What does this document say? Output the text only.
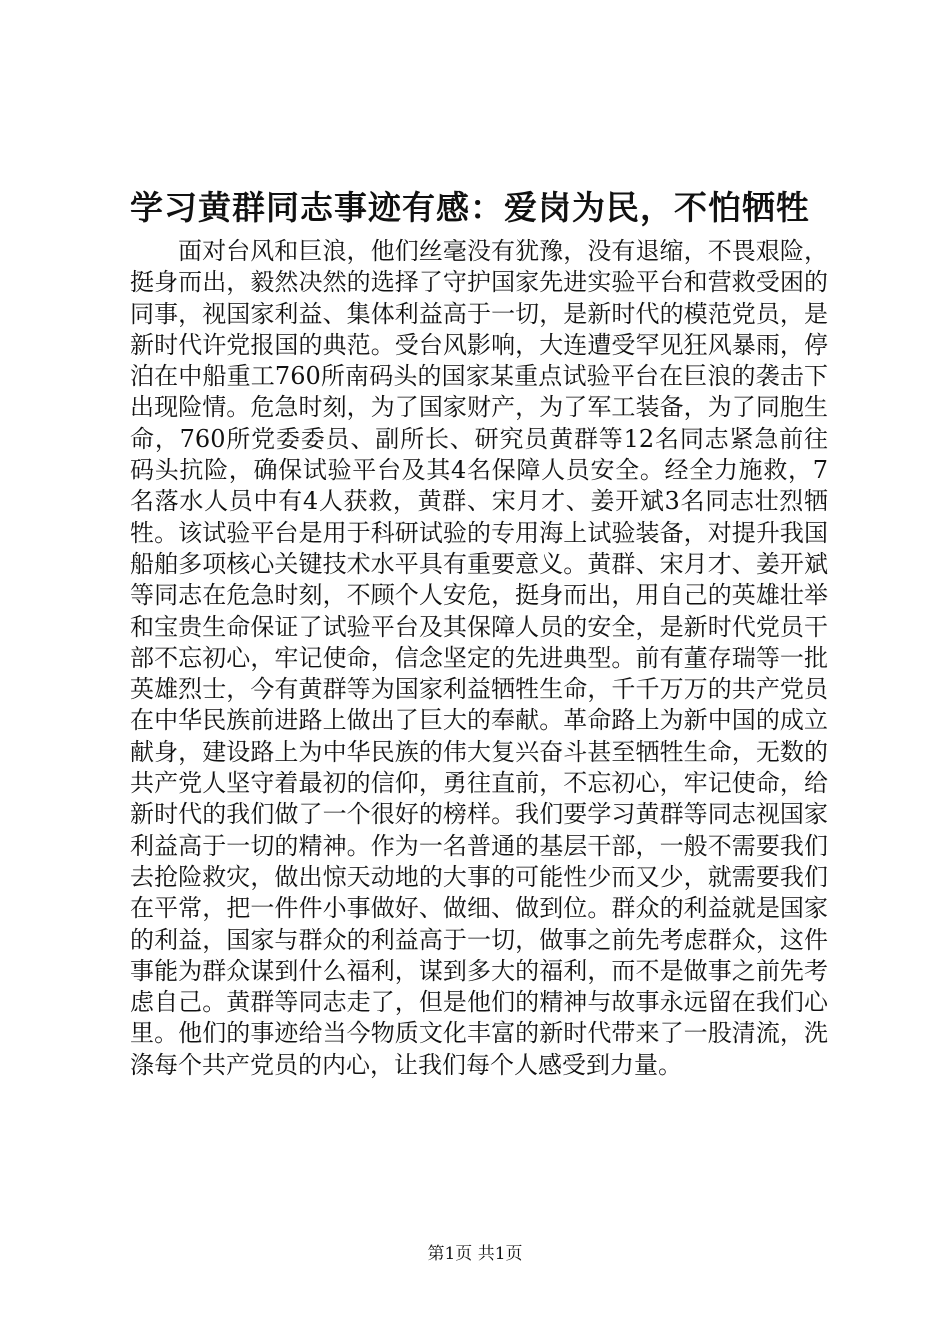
学习黄群同志事迹有感：爱岗为民，不怕牺牲

面对台风和巨浪，他们丝毫没有犹豫，没有退缩，不畏艰险，挺身而出，毅然决然的选择了守护国家先进实验平台和营救受困的同事，视国家利益、集体利益高于一切，是新时代的模范党员，是新时代许党报国的典范。受台风影响，大连遭受罕见狂风暴雨，停泊在中船重工760所南码头的国家某重点试验平台在巨浪的袭击下出现险情。危急时刻，为了国家财产，为了军工装备，为了同胞生命，760所党委委员、副所长、研究员黄群等12名同志紧急前往码头抗险，确保试验平台及其4名保障人员安全。经全力施救，7名落水人员中有4人获救，黄群、宋月才、姜开斌3名同志壮烈牺牲。该试验平台是用于科研试验的专用海上试验装备，对提升我国船舶多项核心关键技术水平具有重要意义。黄群、宋月才、姜开斌等同志在危急时刻，不顾个人安危，挺身而出，用自己的英雄壮举和宝贵生命保证了试验平台及其保障人员的安全，是新时代党员干部不忘初心，牢记使命，信念坚定的先进典型。前有董存瑞等一批英雄烈士，今有黄群等为国家利益牺牲生命，千千万万的共产党员在中华民族前进路上做出了巨大的奉献。革命路上为新中国的成立献身，建设路上为中华民族的伟大复兴奋斗甚至牺牲生命，无数的共产党人坚守着最初的信仰，勇往直前，不忘初心，牢记使命，给新时代的我们做了一个很好的榜样。我们要学习黄群等同志视国家利益高于一切的精神。作为一名普通的基层干部，一般不需要我们去抢险救灾，做出惊天动地的大事的可能性少而又少，就需要我们在平常，把一件件小事做好、做细、做到位。群众的利益就是国家的利益，国家与群众的利益高于一切，做事之前先考虑群众，这件事能为群众谋到什么福利，谋到多大的福利，而不是做事之前先考虑自己。黄群等同志走了，但是他们的精神与故事永远留在我们心里。他们的事迹给当今物质文化丰富的新时代带来了一股清流，洗涤每个共产党员的内心，让我们每个人感受到力量。

第1页 共1页
